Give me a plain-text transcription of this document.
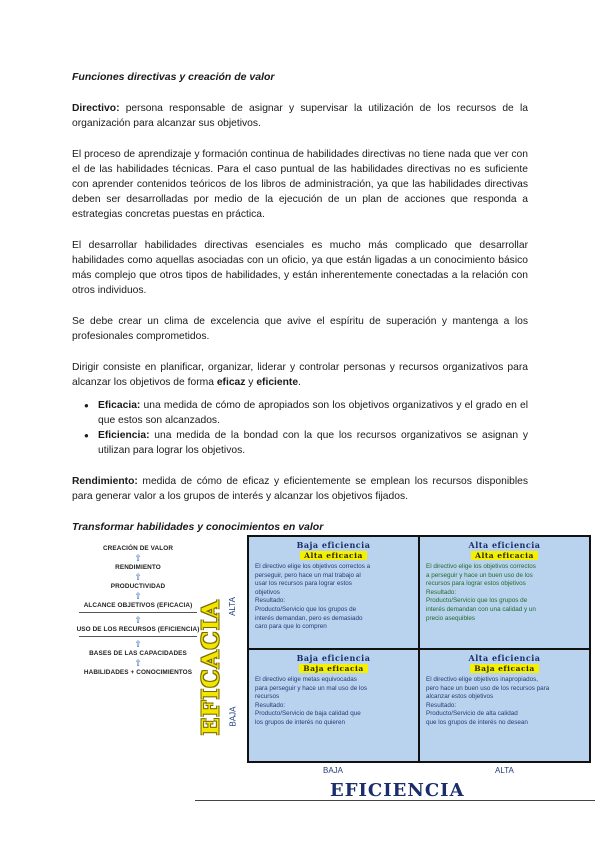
Funciones directivas y creación de valor

Directivo: persona responsable de asignar y supervisar la utilización de los recursos de la organización para alcanzar sus objetivos.

El proceso de aprendizaje y formación continua de habilidades directivas no tiene nada que ver con el de las habilidades técnicas. Para el caso puntual de las habilidades directivas no es suficiente con aprender contenidos teóricos de los libros de administración, ya que las habilidades directivas deben ser desarrolladas por medio de la ejecución de un plan de acciones que responda a estrategias concretas puestas en práctica.

El desarrollar habilidades directivas esenciales es mucho más complicado que desarrollar habilidades como aquellas asociadas con un oficio, ya que están ligadas a un conocimiento básico más complejo que otros tipos de habilidades, y están inherentemente conectadas a la relación con otros individuos.

Se debe crear un clima de excelencia que avive el espíritu de superación y mantenga a los profesionales comprometidos.

Dirigir consiste en planificar, organizar, liderar y controlar personas y recursos organizativos para alcanzar los objetivos de forma eficaz y eficiente.

● Eficacia: una medida de cómo de apropiados son los objetivos organizativos y el grado en el que estos son alcanzados.
● Eficiencia: una medida de la bondad con la que los recursos organizativos se asignan y utilizan para lograr los objetivos.

Rendimiento: medida de cómo de eficaz y eficientemente se emplean los recursos disponibles para generar valor a los grupos de interés y alcanzar los objetivos fijados.

Transformar habilidades y conocimientos en valor

CREACIÓN DE VALOR
⇧
RENDIMIENTO
⇧
PRODUCTIVIDAD
⇧
ALCANCE OBJETIVOS (EFICACIA)
⇧
USO DE LOS RECURSOS (EFICIENCIA)
⇧
BASES DE LAS CAPACIDADES
⇧
HABILIDADES + CONOCIMIENTOS EFICACIA ALTA
BAJA
Baja eficiencia
Alta eficacia
El directivo elige los objetivos correctos a
perseguir, pero hace un mal trabajo al
usar los recursos para lograr estos
objetivos
Resultado:
Producto/Servicio que los grupos de
interés demandan, pero es demasiado
caro para que lo compren
Alta eficiencia
Alta eficacia
El directivo elige los objetivos correctos
a perseguir y hace un buen uso de los
recursos para lograr estos objetivos
Resultado:
Producto/Servicio que los grupos de
interés demandan con una calidad y un
precio asequibles
Baja eficiencia
Baja eficacia
El directivo elige metas equivocadas
para perseguir y hace un mal uso de los
recursos
Resultado:
Producto/Servicio de baja calidad que
los grupos de interés no quieren
Alta eficiencia
Baja eficacia
El directivo elige objetivos inapropiados,
pero hace un buen uso de los recursos para
alcanzar estos objetivos
Resultado:
Producto/Servicio de alta calidad
que los grupos de interés no desean
BAJA	ALTA
EFICIENCIA
